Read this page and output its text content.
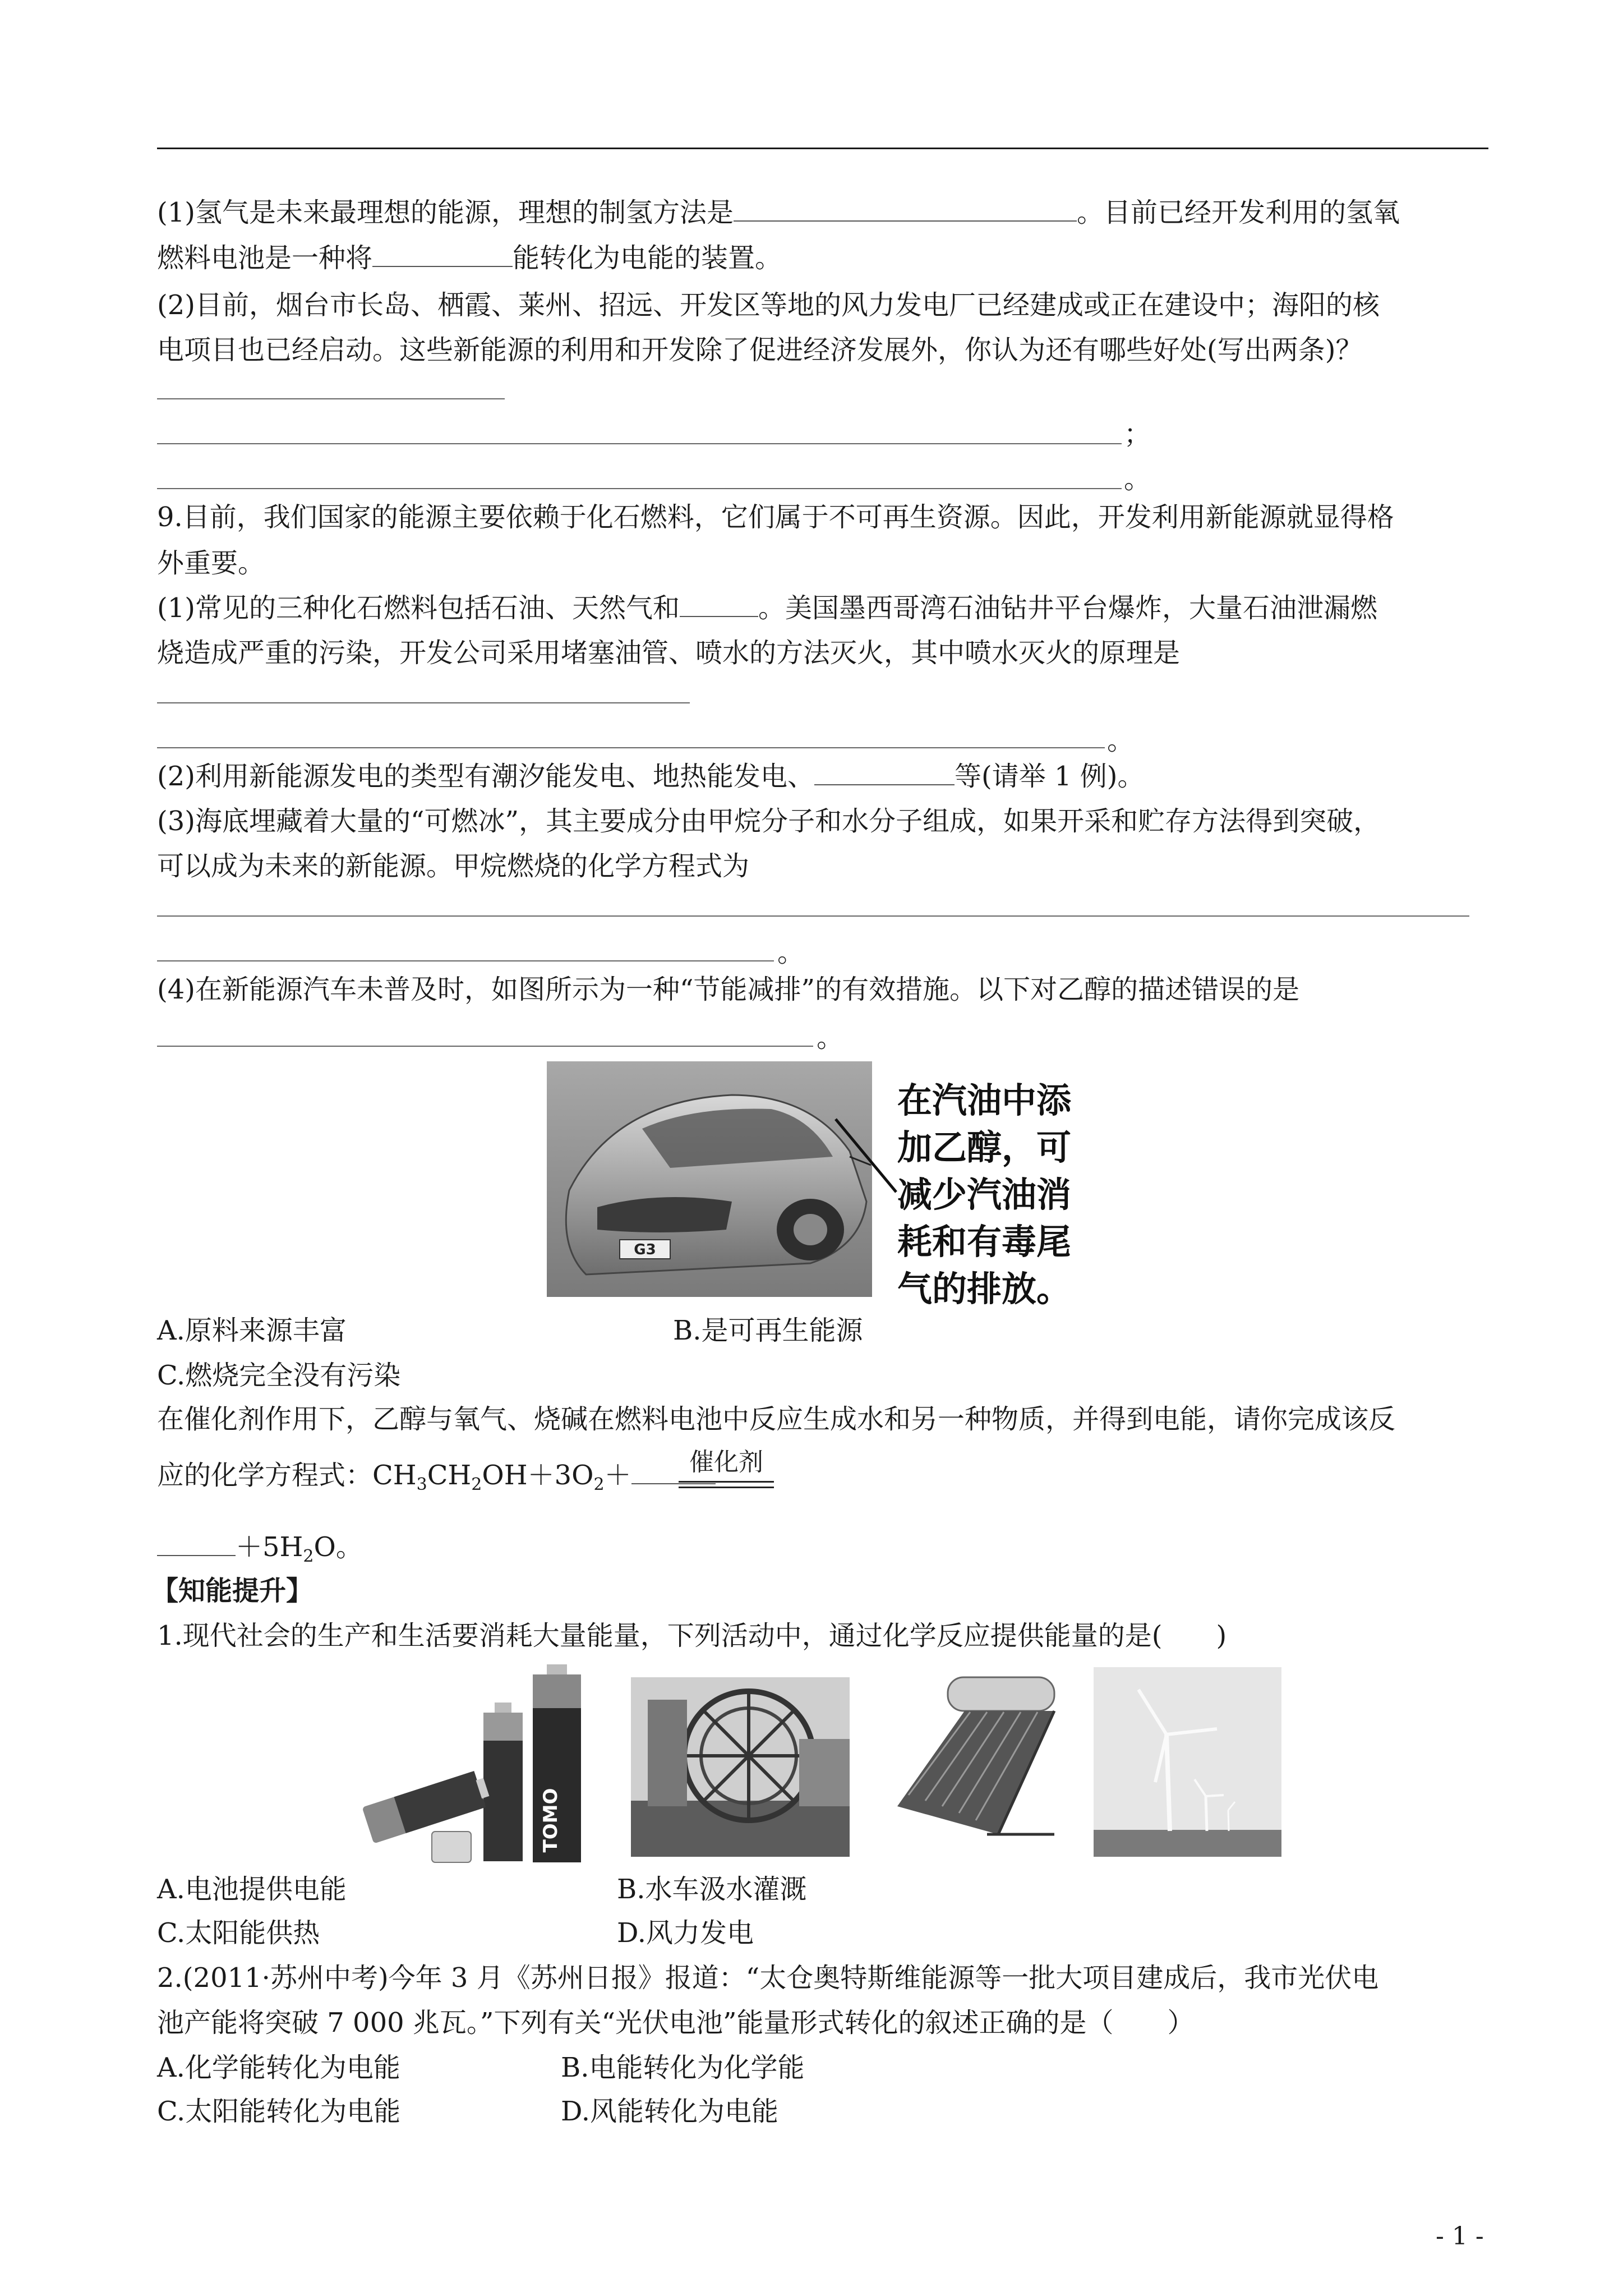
(1)氢气是未来最理想的能源，理想的制氢方法是	。目前已经开发利用的氢氧
燃料电池是一种将	能转化为电能的装置。
(2)目前，烟台市长岛、栖霞、莱州、招远、开发区等地的风力发电厂已经建成或正在建设中；海阳的核
电项目也已经启动。这些新能源的利用和开发除了促进经济发展外，你认为还有哪些好处(写出两条)？
；
。
9.目前，我们国家的能源主要依赖于化石燃料，它们属于不可再生资源。因此，开发利用新能源就显得格
外重要。
(1)常见的三种化石燃料包括石油、天然气和	。美国墨西哥湾石油钻井平台爆炸，大量石油泄漏燃
烧造成严重的污染，开发公司采用堵塞油管、喷水的方法灭火，其中喷水灭火的原理是
。
(2)利用新能源发电的类型有潮汐能发电、地热能发电、	等(请举 1 例)。
(3)海底埋藏着大量的“可燃冰”，其主要成分由甲烷分子和水分子组成，如果开采和贮存方法得到突破，
可以成为未来的新能源。甲烷燃烧的化学方程式为
。
(4)在新能源汽车未普及时，如图所示为一种“节能减排”的有效措施。以下对乙醇的描述错误的是
。
G3
在汽油中添
加乙醇，可
减少汽油消
耗和有毒尾
气的排放。
A.原料来源丰富	B.是可再生能源
C.燃烧完全没有污染
在催化剂作用下，乙醇与氧气、烧碱在燃料电池中反应生成水和另一种物质，并得到电能，请你完成该反
应的化学方程式：$CH_3CH_2OH+3O_2+$	催化剂
$+5H_2O$。
【知能提升】
1.现代社会的生产和生活要消耗大量能量，下列活动中，通过化学反应提供能量的是(　　)
TOMO
A.电池提供电能	B.水车汲水灌溉
C.太阳能供热	D.风力发电
2.(2011·苏州中考)今年 3 月《苏州日报》报道：“太仓奥特斯维能源等一批大项目建成后，我市光伏电
池产能将突破 7 000 兆瓦。”下列有关“光伏电池”能量形式转化的叙述正确的是（　　）
A.化学能转化为电能	B.电能转化为化学能
C.太阳能转化为电能	D.风能转化为电能
- 1 -
